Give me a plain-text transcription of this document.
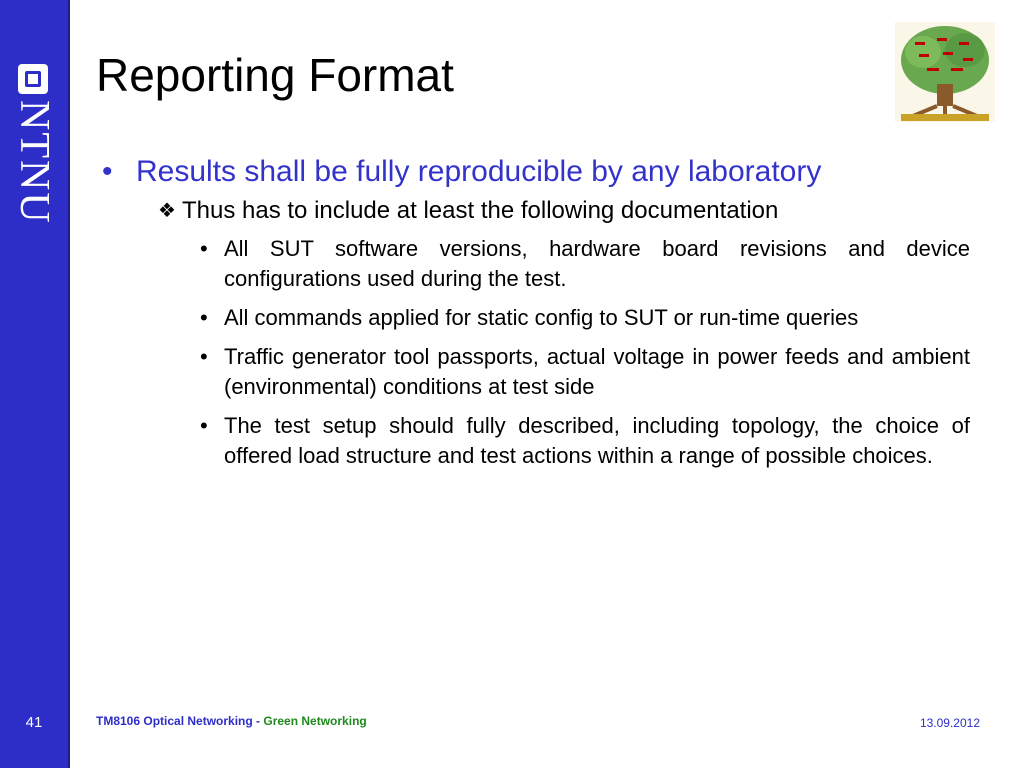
NTNU
41
Reporting Format
• Results shall be fully reproducible by any laboratory
❖ Thus has to include at least the following documentation
• All SUT software versions, hardware board revisions and device configurations used during the test.
• All commands applied for static config to SUT or run-time queries
• Traffic generator tool passports, actual voltage in power feeds and ambient (environmental) conditions at test side
• The test setup should fully described, including topology, the choice of offered load structure and test actions within a range of possible choices.
TM8106 Optical Networking - Green Networking	13.09.2012
